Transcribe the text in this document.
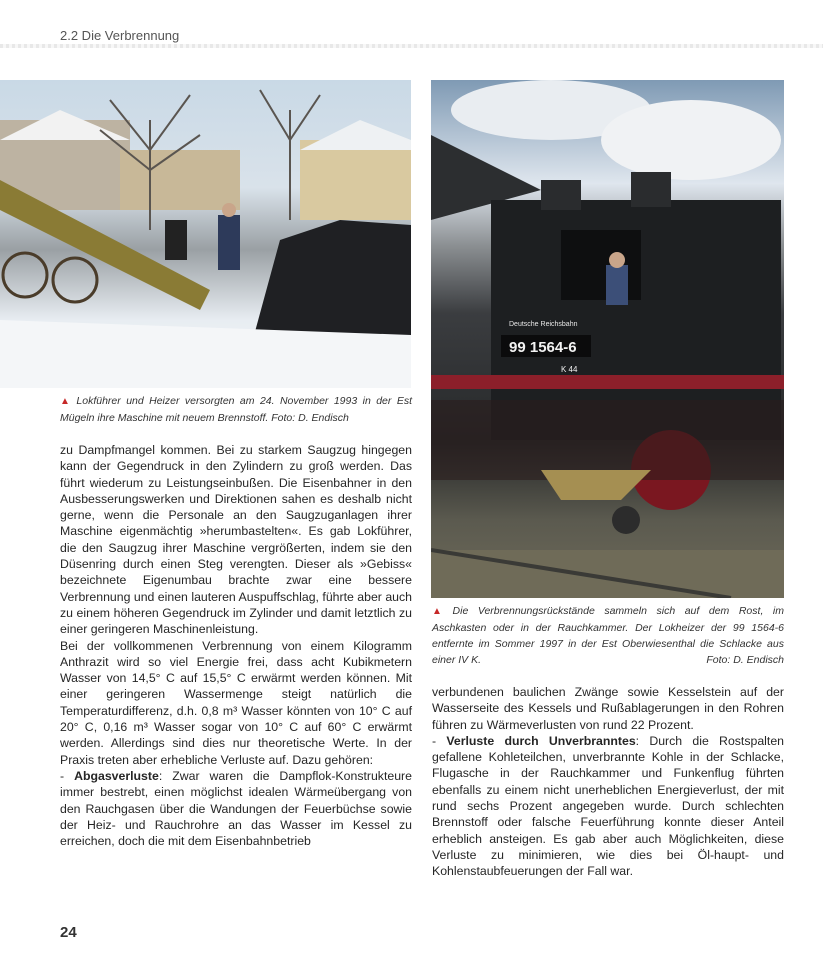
2.2 Die Verbrennung
▲ Lokführer und Heizer versorgten am 24. November 1993 in der Est Mügeln ihre Maschine mit neuem Brennstoff. Foto: D. Endisch
Deutsche Reichsbahn
99 1564-6
K 44
▲ Die Verbrennungsrückstände sammeln sich auf dem Rost, im Aschkasten oder in der Rauchkammer. Der Lokheizer der 99 1564-6 entfernte im Sommer 1997 in der Est Oberwiesenthal die Schlacke aus einer IV K.	Foto: D. Endisch

zu Dampfmangel kommen. Bei zu starkem Saugzug hingegen kann der Gegendruck in den Zylindern zu groß werden. Das führt wiederum zu Leistungseinbußen. Die Eisenbahner in den Ausbesserungswerken und Direktionen sahen es deshalb nicht gerne, wenn die Personale an den Saugzuganlagen ihrer Maschine eigenmächtig »herumbastelten«. Es gab Lokführer, die den Saugzug ihrer Maschine vergrößerten, indem sie den Düsenring durch einen Steg verengten. Dieser als »Gebiss« bezeichnete Eigenumbau brachte zwar eine bessere Verbrennung und einen lauteren Auspuffschlag, führte aber auch zu einem höheren Gegendruck im Zylinder und damit letztlich zu einer geringeren Maschinenleistung.

Bei der vollkommenen Verbrennung von einem Kilogramm Anthrazit wird so viel Energie frei, dass acht Kubikmetern Wasser von 14,5° C auf 15,5° C erwärmt werden können. Mit einer geringeren Wassermenge steigt natürlich die Temperaturdifferenz, d.h. 0,8 m³ Wasser könnten von 10° C auf 20° C, 0,16 m³ Wasser sogar von 10° C auf 60° C erwärmt werden. Allerdings sind dies nur theoretische Werte. In der Praxis treten aber erhebliche Verluste auf. Dazu gehören:

- Abgasverluste: Zwar waren die Dampflok-Konstrukteure immer bestrebt, einen möglichst idealen Wärmeübergang von den Rauchgasen über die Wandungen der Feuerbüchse sowie der Heiz- und Rauchrohre an das Wasser im Kessel zu erreichen, doch die mit dem Eisenbahnbetrieb

verbundenen baulichen Zwänge sowie Kesselstein auf der Wasserseite des Kessels und Rußablagerungen in den Rohren führen zu Wärmeverlusten von rund 22 Prozent.

- Verluste durch Unverbranntes: Durch die Rostspalten gefallene Kohleteilchen, unverbrannte Kohle in der Schlacke, Flugasche in der Rauchkammer und Funkenflug führten ebenfalls zu einem nicht unerheblichen Energieverlust, der mit rund sechs Prozent angegeben wurde. Durch schlechten Brennstoff oder falsche Feuerführung konnte dieser Anteil erheblich ansteigen. Es gab aber auch Möglichkeiten, diese Verluste zu minimieren, wie dies bei Öl-haupt- und Kohlenstaubfeuerungen der Fall war.

24
